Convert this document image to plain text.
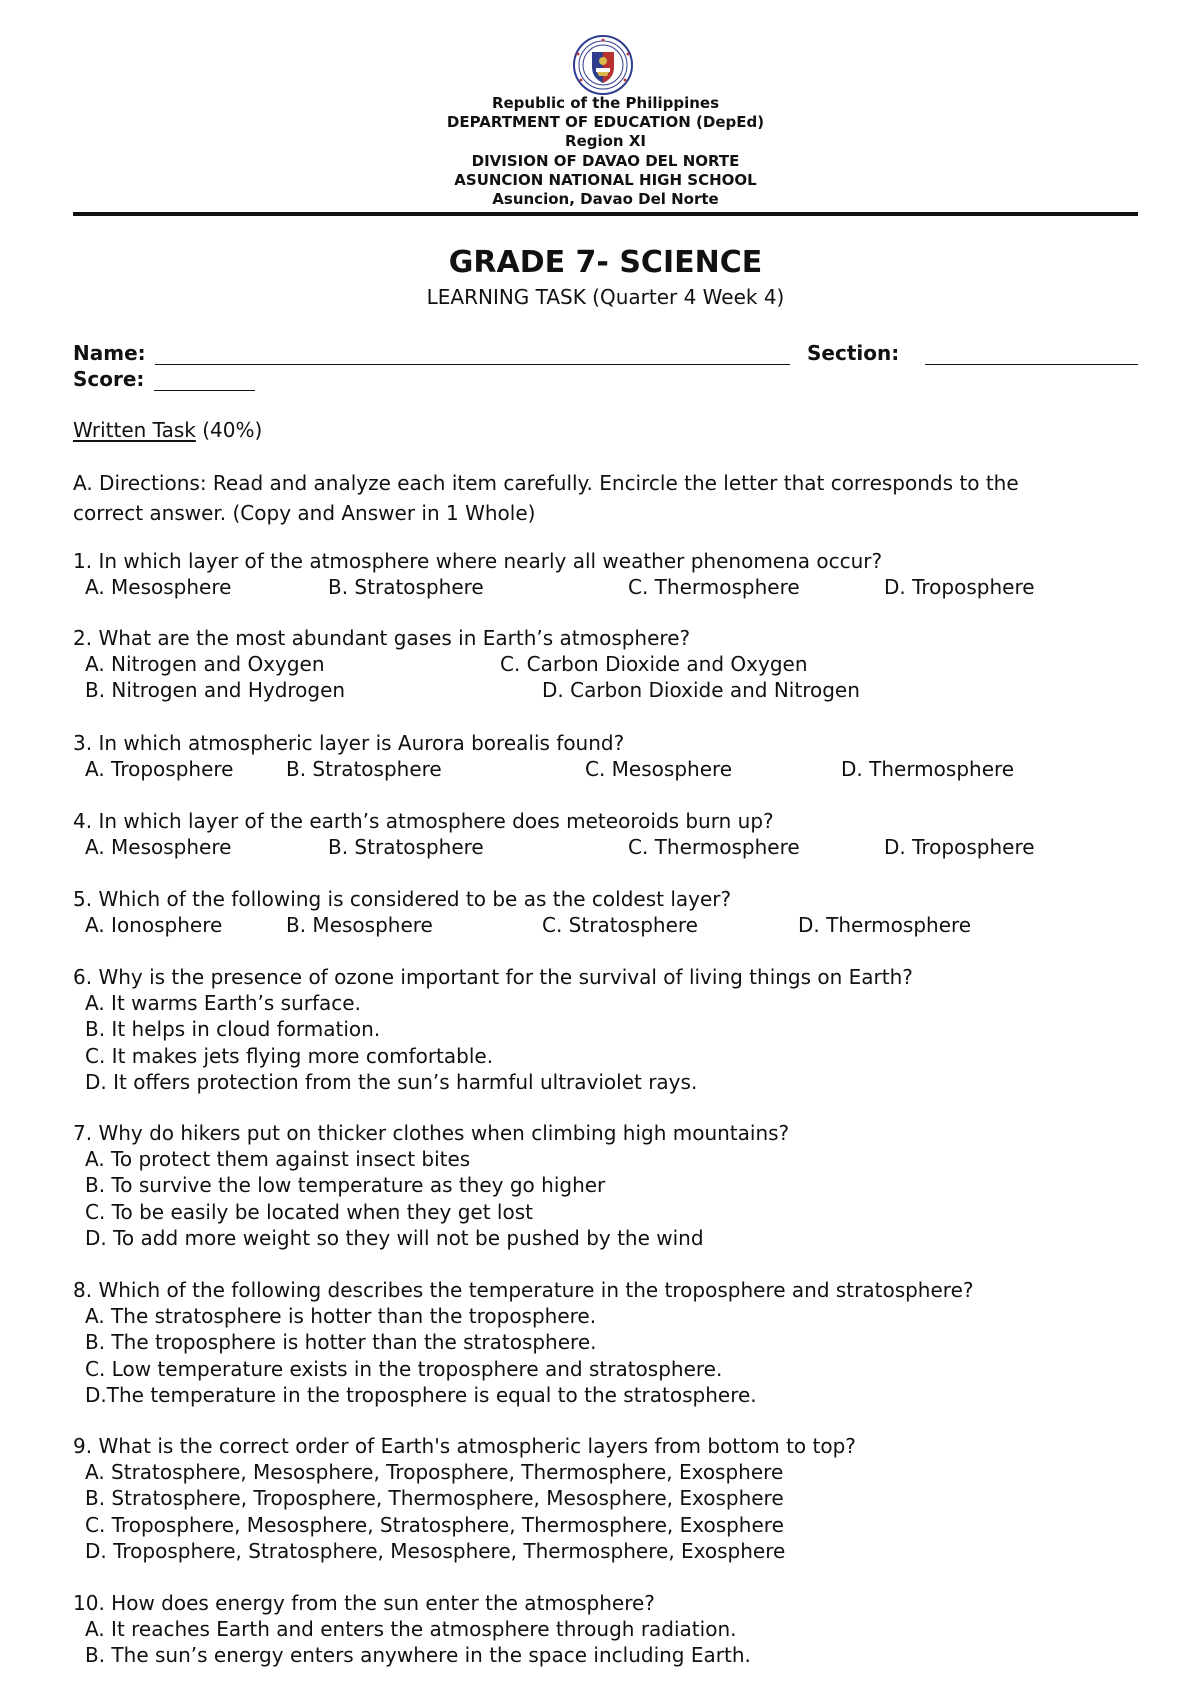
Republic of the Philippines
DEPARTMENT OF EDUCATION (DepEd)
Region XI
DIVISION OF DAVAO DEL NORTE
ASUNCION NATIONAL HIGH SCHOOL
Asuncion, Davao Del Norte
GRADE 7- SCIENCE
LEARNING TASK (Quarter 4 Week 4)
Name:	Section:
Score:
Written Task (40%)
A. Directions: Read and analyze each item carefully. Encircle the letter that corresponds to the
correct answer. (Copy and Answer in 1 Whole)
1. In which layer of the atmosphere where nearly all weather phenomena occur?
A. Mesosphere	B. Stratosphere	C. Thermosphere	D. Troposphere
2. What are the most abundant gases in Earth’s atmosphere?
A. Nitrogen and Oxygen	C. Carbon Dioxide and Oxygen
B. Nitrogen and Hydrogen	D. Carbon Dioxide and Nitrogen
3. In which atmospheric layer is Aurora borealis found?
A. Troposphere	B. Stratosphere	C. Mesosphere	D. Thermosphere
4. In which layer of the earth’s atmosphere does meteoroids burn up?
A. Mesosphere	B. Stratosphere	C. Thermosphere	D. Troposphere
5. Which of the following is considered to be as the coldest layer?
A. Ionosphere	B. Mesosphere	C. Stratosphere	D. Thermosphere
6. Why is the presence of ozone important for the survival of living things on Earth?
A. It warms Earth’s surface.
B. It helps in cloud formation.
C. It makes jets flying more comfortable.
D. It offers protection from the sun’s harmful ultraviolet rays.
7. Why do hikers put on thicker clothes when climbing high mountains?
A. To protect them against insect bites
B. To survive the low temperature as they go higher
C. To be easily be located when they get lost
D. To add more weight so they will not be pushed by the wind
8. Which of the following describes the temperature in the troposphere and stratosphere?
A. The stratosphere is hotter than the troposphere.
B. The troposphere is hotter than the stratosphere.
C. Low temperature exists in the troposphere and stratosphere.
D.The temperature in the troposphere is equal to the stratosphere.
9. What is the correct order of Earth's atmospheric layers from bottom to top?
A. Stratosphere, Mesosphere, Troposphere, Thermosphere, Exosphere
B. Stratosphere, Troposphere, Thermosphere, Mesosphere, Exosphere
C. Troposphere, Mesosphere, Stratosphere, Thermosphere, Exosphere
D. Troposphere, Stratosphere, Mesosphere, Thermosphere, Exosphere
10. How does energy from the sun enter the atmosphere?
A. It reaches Earth and enters the atmosphere through radiation.
B. The sun’s energy enters anywhere in the space including Earth.
